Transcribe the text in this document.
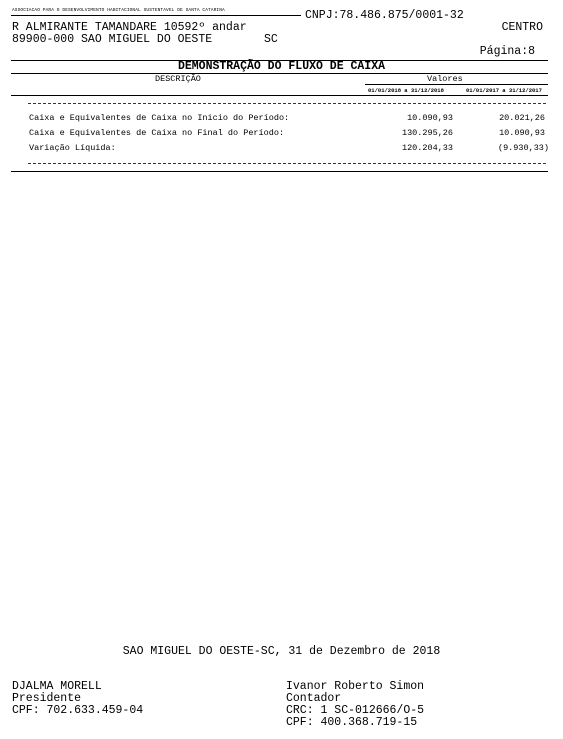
ASSOCIACAO PARA O DESENVOLVIMENTO HABITACIONAL SUSTENTAVEL DE SANTA CATARINA	CNPJ:78.486.875/0001-32
R ALMIRANTE TAMANDARE 10592º andar	CENTRO
89900-000 SAO MIGUEL DO OESTE	SC
Página:8
DEMONSTRAÇÃO DO FLUXO DE CAIXA
DESCRIÇÃO	Valores
01/01/2018 a 31/12/2018	01/01/2017 a 31/12/2017
Caixa e Equivalentes de Caixa no Inicio do Período:	10.090,93	20.021,26
Caixa e Equivalentes de Caixa no Final do Período:	130.295,26	10.090,93
Variação Líquida:	120.204,33	(9.930,33)
SAO MIGUEL DO OESTE-SC, 31 de Dezembro de 2018
DJALMA MORELL
Presidente
CPF: 702.633.459-04
Ivanor Roberto Simon
Contador
CRC: 1 SC-012666/O-5
CPF: 400.368.719-15
